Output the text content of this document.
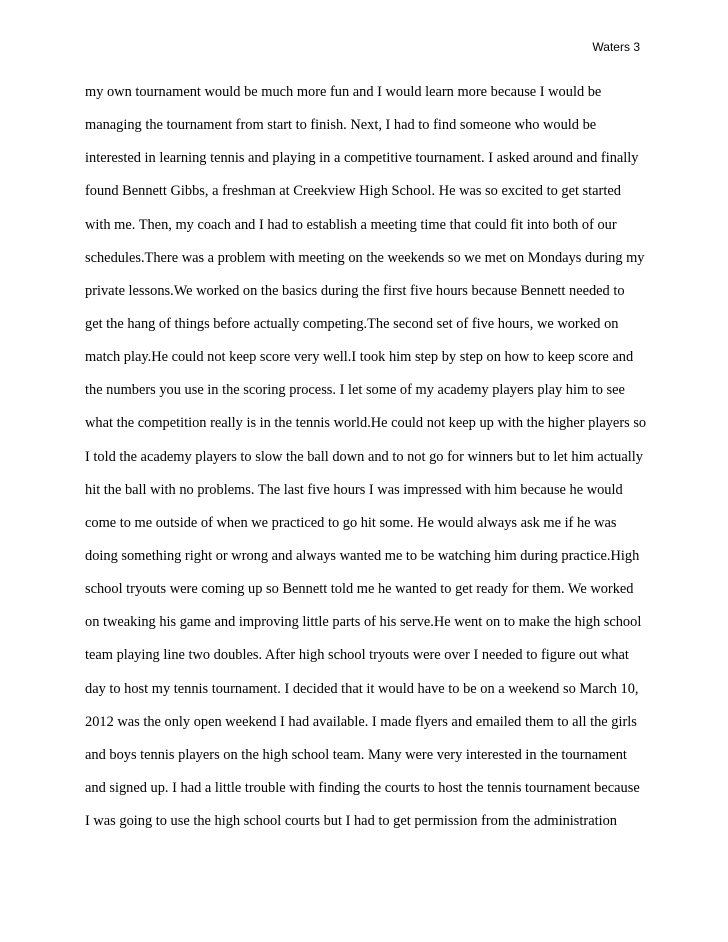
Waters 3
my own tournament would be much more fun and I would learn more because I would be
managing the tournament from start to finish. Next, I had to find someone who would be
interested in learning tennis and playing in a competitive tournament. I asked around and finally
found Bennett Gibbs, a freshman at Creekview High School. He was so excited to get started
with me. Then, my coach and I had to establish a meeting time that could fit into both of our
schedules.There was a problem with meeting on the weekends so we met on Mondays during my
private lessons.We worked on the basics during the first five hours because Bennett needed to
get the hang of things before actually competing.The second set of five hours, we worked on
match play.He could not keep score very well.I took him step by step on how to keep score and
the numbers you use in the scoring process. I let some of my academy players play him to see
what the competition really is in the tennis world.He could not keep up with the higher players so
I told the academy players to slow the ball down and to not go for winners but to let him actually
hit the ball with no problems. The last five hours I was impressed with him because he would
come to me outside of when we practiced to go hit some. He would always ask me if he was
doing something right or wrong and always wanted me to be watching him during practice.High
school tryouts were coming up so Bennett told me he wanted to get ready for them. We worked
on tweaking his game and improving little parts of his serve.He went on to make the high school
team playing line two doubles. After high school tryouts were over I needed to figure out what
day to host my tennis tournament. I decided that it would have to be on a weekend so March 10,
2012 was the only open weekend I had available. I made flyers and emailed them to all the girls
and boys tennis players on the high school team. Many were very interested in the tournament
and signed up. I had a little trouble with finding the courts to host the tennis tournament because
I was going to use the high school courts but I had to get permission from the administration
